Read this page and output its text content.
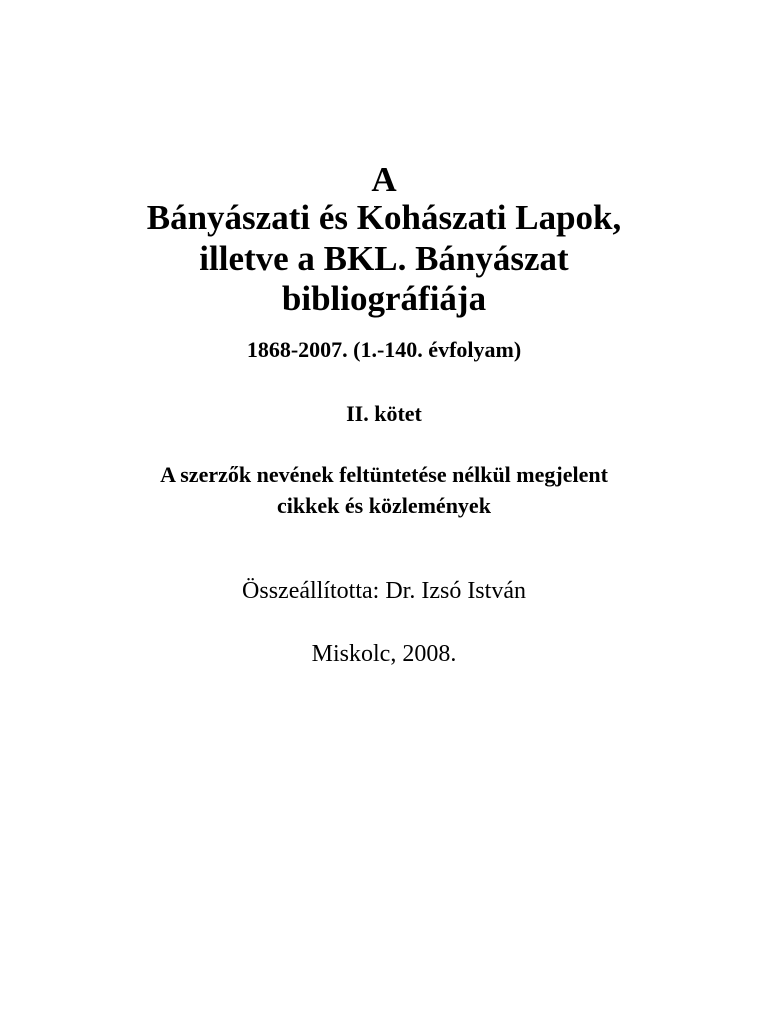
A
Bányászati és Kohászati Lapok,
illetve a BKL. Bányászat
bibliográfiája
1868-2007. (1.-140. évfolyam)
II. kötet
A szerzők nevének feltüntetése nélkül megjelent
cikkek és közlemények
Összeállította: Dr. Izsó István
Miskolc, 2008.
